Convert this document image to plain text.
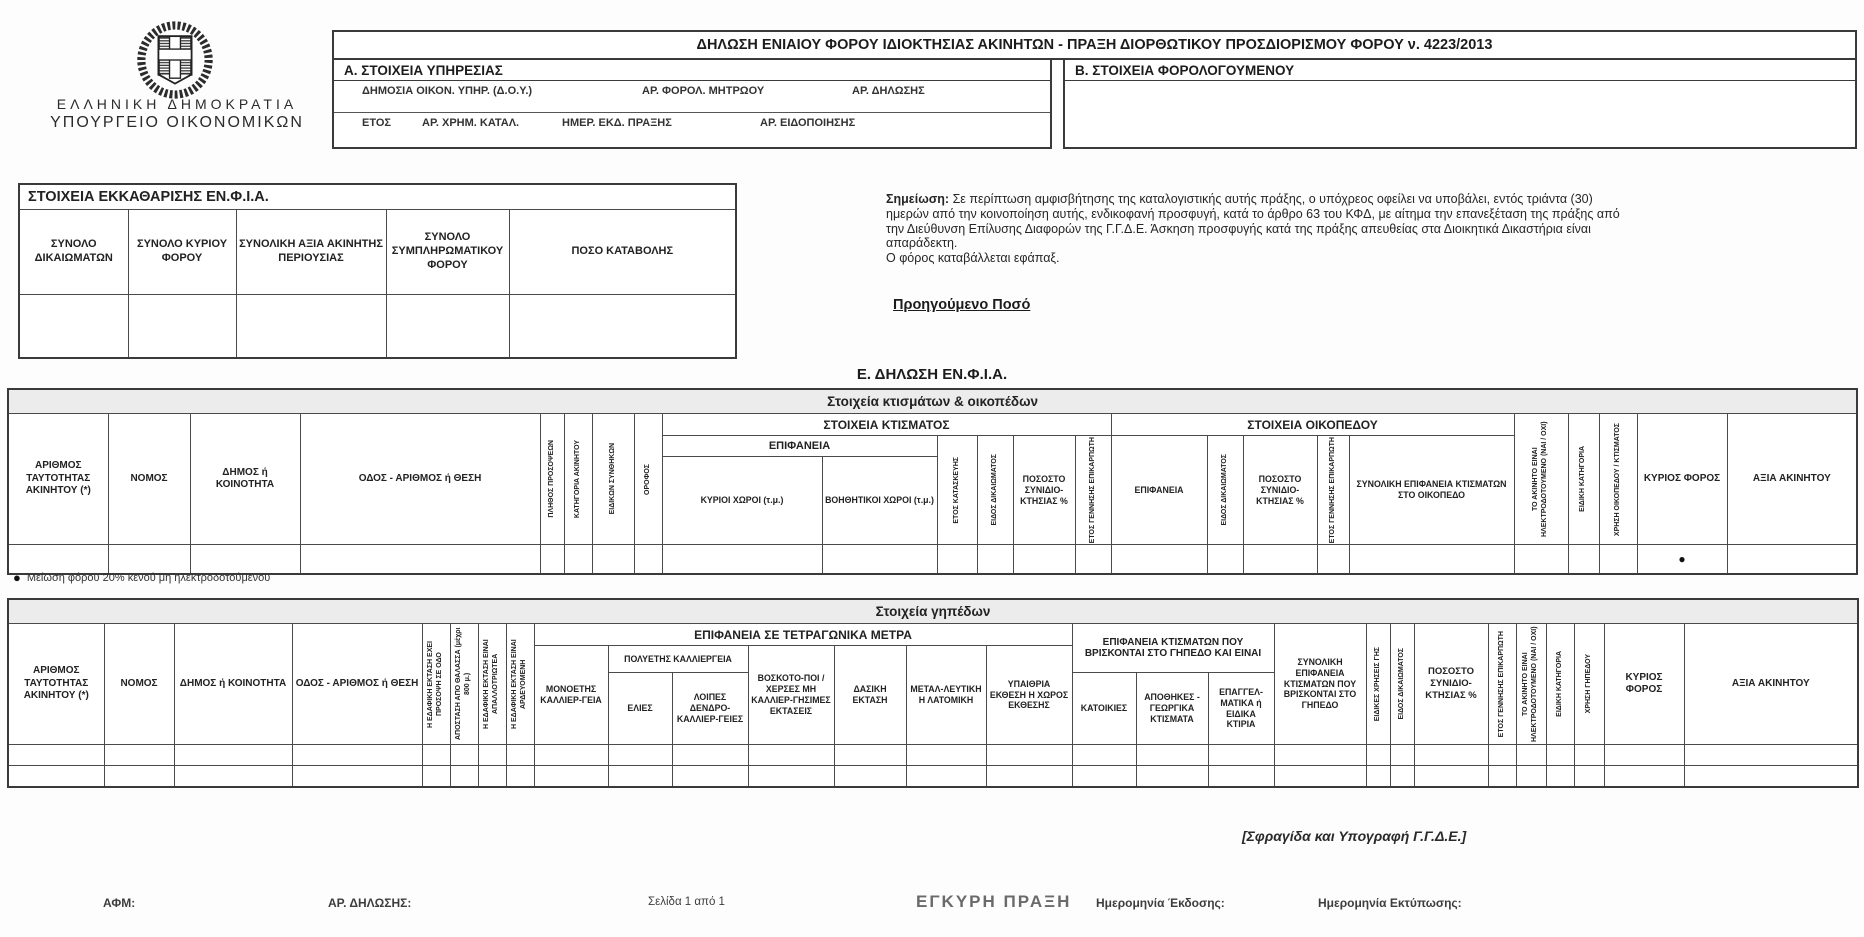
ΕΛΛΗΝΙΚΗ ΔΗΜΟΚΡΑΤΙΑ
ΥΠΟΥΡΓΕΙΟ ΟΙΚΟΝΟΜΙΚΩΝ
ΔΗΛΩΣΗ ΕΝΙΑΙΟΥ ΦΟΡΟΥ ΙΔΙΟΚΤΗΣΙΑΣ ΑΚΙΝΗΤΩΝ - ΠΡΑΞΗ ΔΙΟΡΘΩΤΙΚΟΥ ΠΡΟΣΔΙΟΡΙΣΜΟΥ ΦΟΡΟΥ ν. 4223/2013
Α. ΣΤΟΙΧΕΙΑ ΥΠΗΡΕΣΙΑΣ
ΔΗΜΟΣΙΑ ΟΙΚΟΝ. ΥΠΗΡ. (Δ.Ο.Υ.)	ΑΡ. ΦΟΡΟΛ. ΜΗΤΡΩΟΥ	ΑΡ. ΔΗΛΩΣΗΣ
ΕΤΟΣ	ΑΡ. ΧΡΗΜ. ΚΑΤΑΛ.	ΗΜΕΡ. ΕΚΔ. ΠΡΑΞΗΣ	ΑΡ. ΕΙΔΟΠΟΙΗΣΗΣ
Β. ΣΤΟΙΧΕΙΑ ΦΟΡΟΛΟΓΟΥΜΕΝΟΥ
ΣΤΟΙΧΕΙΑ ΕΚΚΑΘΑΡΙΣΗΣ ΕΝ.Φ.Ι.Α.				
ΣΥΝΟΛΟ ΔΙΚΑΙΩΜΑΤΩΝ	ΣΥΝΟΛΟ ΚΥΡΙΟΥ ΦΟΡΟΥ	ΣΥΝΟΛΙΚΗ ΑΞΙΑ ΑΚΙΝΗΤΗΣ ΠΕΡΙΟΥΣΙΑΣ	ΣΥΝΟΛΟ ΣΥΜΠΛΗΡΩΜΑΤΙΚΟΥ ΦΟΡΟΥ	ΠΟΣΟ ΚΑΤΑΒΟΛΗΣ

Σημείωση: Σε περίπτωση αμφισβήτησης της καταλογιστικής αυτής πράξης, ο υπόχρεος οφείλει να υποβάλει, εντός τριάντα (30) ημερών από την κοινοποίηση αυτής, ενδικοφανή προσφυγή, κατά το άρθρο 63 του ΚΦΔ, με αίτημα την επανεξέταση της πράξης από την Διεύθυνση Επίλυσης Διαφορών της Γ.Γ.Δ.Ε. Άσκηση προσφυγής κατά της πράξης απευθείας στα Διοικητικά Δικαστήρια είναι απαράδεκτη.
Ο φόρος καταβάλλεται εφάπαξ.
Προηγούμενο Ποσό
Ε. ΔΗΛΩΣΗ ΕΝ.Φ.Ι.Α.
Στοιχεία κτισμάτων & οικοπέδων																							
ΑΡΙΘΜΟΣ ΤΑΥΤΟΤΗΤΑΣ ΑΚΙΝΗΤΟΥ (*)	ΝΟΜΟΣ	ΔΗΜΟΣ ή ΚΟΙΝΟΤΗΤΑ	ΟΔΟΣ - ΑΡΙΘΜΟΣ ή ΘΕΣΗ	ΠΛΗΘΟΣ ΠΡΟΣΟΨΕΩΝ	ΚΑΤΗΓΟΡΙΑ ΑΚΙΝΗΤΟΥ	ΕΙΔΙΚΩΝ ΣΥΝΘΗΚΩΝ	ΟΡΟΦΟΣ	ΣΤΟΙΧΕΙΑ ΚΤΙΣΜΑΤΟΣ						ΣΤΟΙΧΕΙΑ ΟΙΚΟΠΕΔΟΥ					ΤΟ ΑΚΙΝΗΤΟ ΕΙΝΑΙ ΗΛΕΚΤΡΟΔΟΤΟΥΜΕΝΟ (ΝΑΙ / ΟΧΙ)	ΕΙΔΙΚΗ ΚΑΤΗΓΟΡΙΑ	ΧΡΗΣΗ ΟΙΚΟΠΕΔΟΥ / ΚΤΙΣΜΑΤΟΣ	ΚΥΡΙΟΣ ΦΟΡΟΣ	ΑΞΙΑ ΑΚΙΝΗΤΟΥ
								ΕΠΙΦΑΝΕΙΑ		ΕΤΟΣ ΚΑΤΑΣΚΕΥΗΣ	ΕΙΔΟΣ ΔΙΚΑΙΩΜΑΤΟΣ	ΠΟΣΟΣΤΟ ΣΥΝΙΔΙΟ-ΚΤΗΣΙΑΣ %	ΕΤΟΣ ΓΕΝΝΗΣΗΣ ΕΠΙΚΑΡΠΩΤΗ	ΕΠΙΦΑΝΕΙΑ	ΕΙΔΟΣ ΔΙΚΑΙΩΜΑΤΟΣ	ΠΟΣΟΣΤΟ ΣΥΝΙΔΙΟ-ΚΤΗΣΙΑΣ %	ΕΤΟΣ ΓΕΝΝΗΣΗΣ ΕΠΙΚΑΡΠΩΤΗ	ΣΥΝΟΛΙΚΗ ΕΠΙΦΑΝΕΙΑ ΚΤΙΣΜΑΤΩΝ ΣΤΟ ΟΙΚΟΠΕΔΟ					
								ΚΥΡΙΟΙ ΧΩΡΟΙ (τ.μ.)	ΒΟΗΘΗΤΙΚΟΙ ΧΩΡΟΙ (τ.μ.)														
																						●	
● Μείωση φόρου 20% κενού μη ηλεκτροδοτούμενου
Στοιχεία γηπέδων																											
ΑΡΙΘΜΟΣ ΤΑΥΤΟΤΗΤΑΣ ΑΚΙΝΗΤΟΥ (*)	ΝΟΜΟΣ	ΔΗΜΟΣ ή ΚΟΙΝΟΤΗΤΑ	ΟΔΟΣ - ΑΡΙΘΜΟΣ ή ΘΕΣΗ	Η ΕΔΑΦΙΚΗ ΕΚΤΑΣΗ ΕΧΕΙ ΠΡΟΣΟΨΗ ΣΕ ΟΔΟ	ΑΠΟΣΤΑΣΗ ΑΠΟ ΘΑΛΑΣΣΑ (μέχρι 800 μ.)	Η ΕΔΑΦΙΚΗ ΕΚΤΑΣΗ ΕΙΝΑΙ ΑΠΑΛΛΟΤΡΙΩΤΕΑ	Η ΕΔΑΦΙΚΗ ΕΚΤΑΣΗ ΕΙΝΑΙ ΑΡΔΕΥΟΜΕΝΗ	ΕΠΙΦΑΝΕΙΑ ΣΕ ΤΕΤΡΑΓΩΝΙΚΑ ΜΕΤΡΑ							ΕΠΙΦΑΝΕΙΑ ΚΤΙΣΜΑΤΩΝ ΠΟΥ ΒΡΙΣΚΟΝΤΑΙ ΣΤΟ ΓΗΠΕΔΟ ΚΑΙ ΕΙΝΑΙ			ΣΥΝΟΛΙΚΗ ΕΠΙΦΑΝΕΙΑ ΚΤΙΣΜΑΤΩΝ ΠΟΥ ΒΡΙΣΚΟΝΤΑΙ ΣΤΟ ΓΗΠΕΔΟ	ΕΙΔΙΚΕΣ ΧΡΗΣΕΙΣ ΓΗΣ	ΕΙΔΟΣ ΔΙΚΑΙΩΜΑΤΟΣ	ΠΟΣΟΣΤΟ ΣΥΝΙΔΙΟ-ΚΤΗΣΙΑΣ %	ΕΤΟΣ ΓΕΝΝΗΣΗΣ ΕΠΙΚΑΡΠΩΤΗ	ΤΟ ΑΚΙΝΗΤΟ ΕΙΝΑΙ ΗΛΕΚΤΡΟΔΟΤΟΥΜΕΝΟ (ΝΑΙ / ΟΧΙ)	ΕΙΔΙΚΗ ΚΑΤΗΓΟΡΙΑ	ΧΡΗΣΗ ΓΗΠΕΔΟΥ	ΚΥΡΙΟΣ ΦΟΡΟΣ	ΑΞΙΑ ΑΚΙΝΗΤΟΥ
								ΜΟΝΟΕΤΗΣ ΚΑΛΛΙΕΡ-ΓΕΙΑ	ΠΟΛΥΕΤΗΣ ΚΑΛΛΙΕΡΓΕΙΑ		ΒΟΣΚΟΤΟ-ΠΟΙ / ΧΕΡΣΕΣ ΜΗ ΚΑΛΛΙΕΡ-ΓΗΣΙΜΕΣ ΕΚΤΑΣΕΙΣ	ΔΑΣΙΚΗ ΕΚΤΑΣΗ	ΜΕΤΑΛ-ΛΕΥΤΙΚΗ Η ΛΑΤΟΜΙΚΗ	ΥΠΑΙΘΡΙΑ ΕΚΘΕΣΗ Η ΧΩΡΟΣ ΕΚΘΕΣΗΣ													
									ΕΛΙΕΣ	ΛΟΙΠΕΣ ΔΕΝΔΡΟ-ΚΑΛΛΙΕΡ-ΓΕΙΕΣ					ΚΑΤΟΙΚΙΕΣ	ΑΠΟΘΗΚΕΣ - ΓΕΩΡΓΙΚΑ ΚΤΙΣΜΑΤΑ	ΕΠΑΓΓΕΛ-ΜΑΤΙΚΑ ή ΕΙΔΙΚΑ ΚΤΙΡΙΑ										

[Σφραγίδα και Υπογραφή Γ.Γ.Δ.Ε.]
ΑΦΜ:	ΑΡ. ΔΗΛΩΣΗΣ:	Σελίδα 1 από 1	ΕΓΚΥΡΗ ΠΡΑΞΗ Ημερομηνία Έκδοσης:	Ημερομηνία Εκτύπωσης:
